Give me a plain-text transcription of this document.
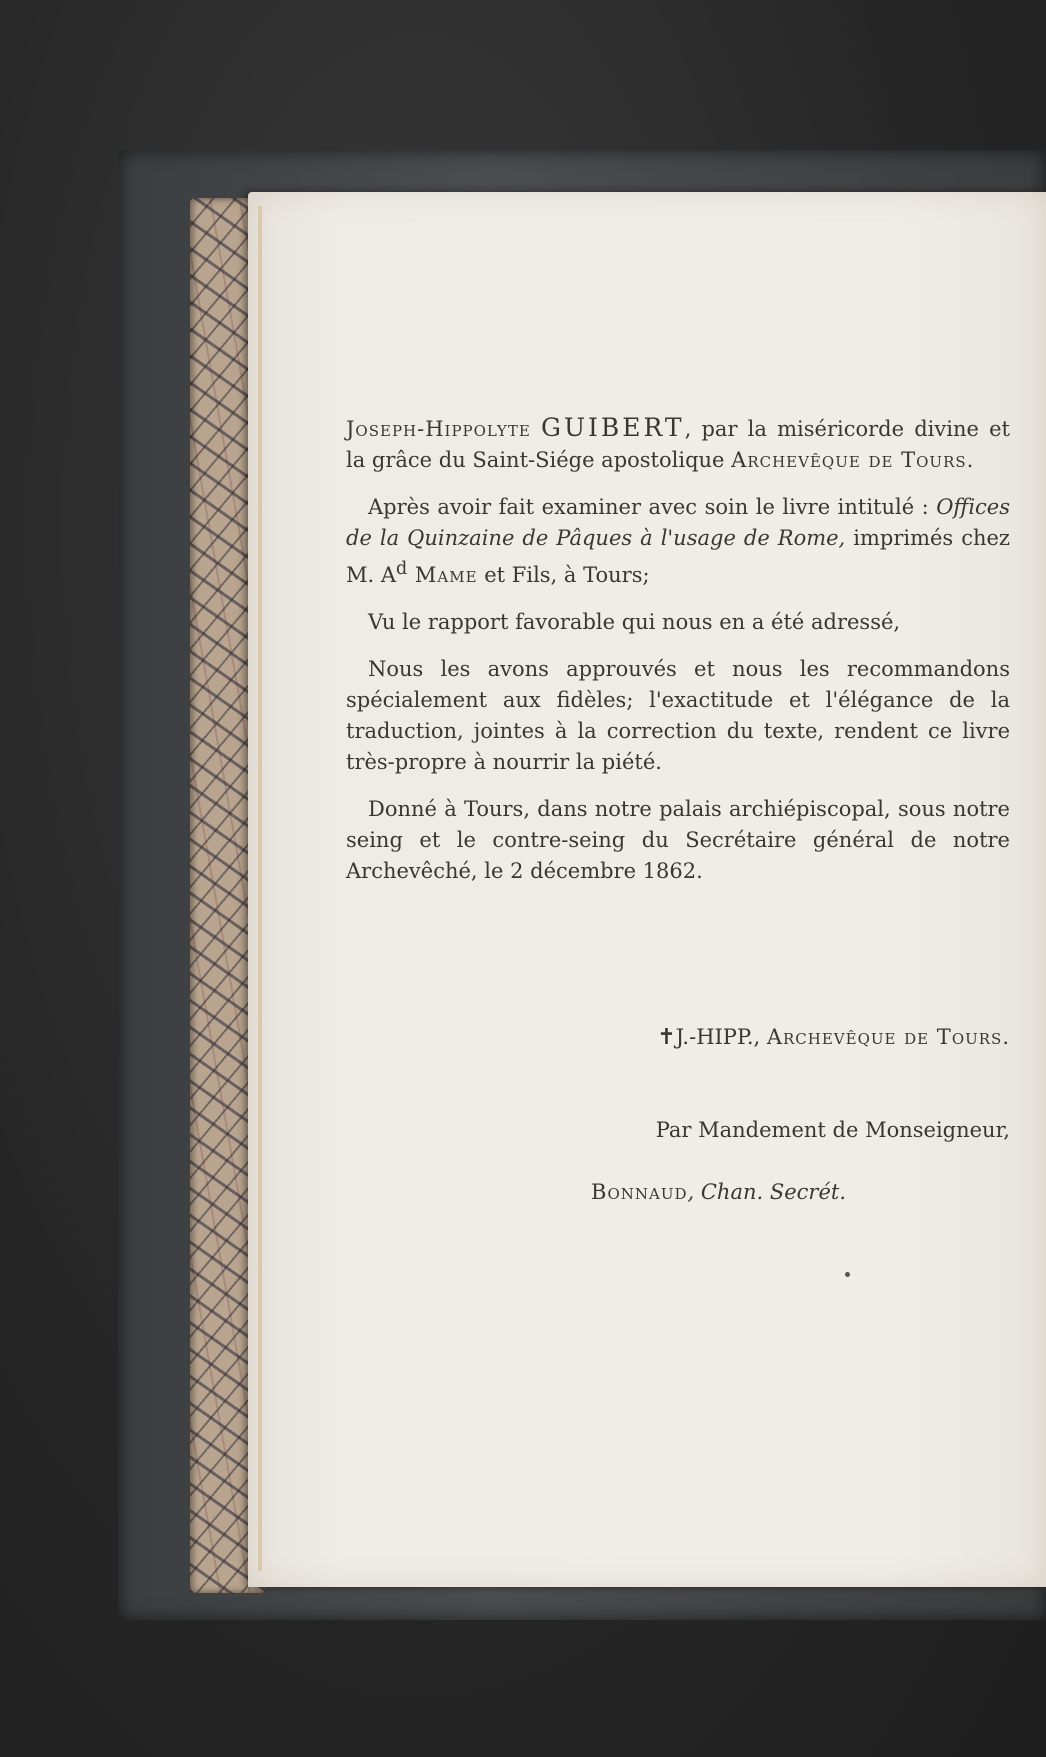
Joseph-Hippolyte GUIBERT, par la miséricorde divine et la grâce du Saint-Siége apostolique Archevêque de Tours.

Après avoir fait examiner avec soin le livre intitulé : Offices de la Quinzaine de Pâques à l'usage de Rome, imprimés chez M. $A^d$ Mame et Fils, à Tours;

Vu le rapport favorable qui nous en a été adressé,

Nous les avons approuvés et nous les recommandons spécialement aux fidèles; l'exactitude et l'élégance de la traduction, jointes à la correction du texte, rendent ce livre très-propre à nourrir la piété.

Donné à Tours, dans notre palais archiépiscopal, sous notre seing et le contre-seing du Secrétaire général de notre Archevêché, le 2 décembre 1862.

✝J.-HIPP., Archevêque de Tours.
Par Mandement de Monseigneur,
Bonnaud, Chan. Secrét.
